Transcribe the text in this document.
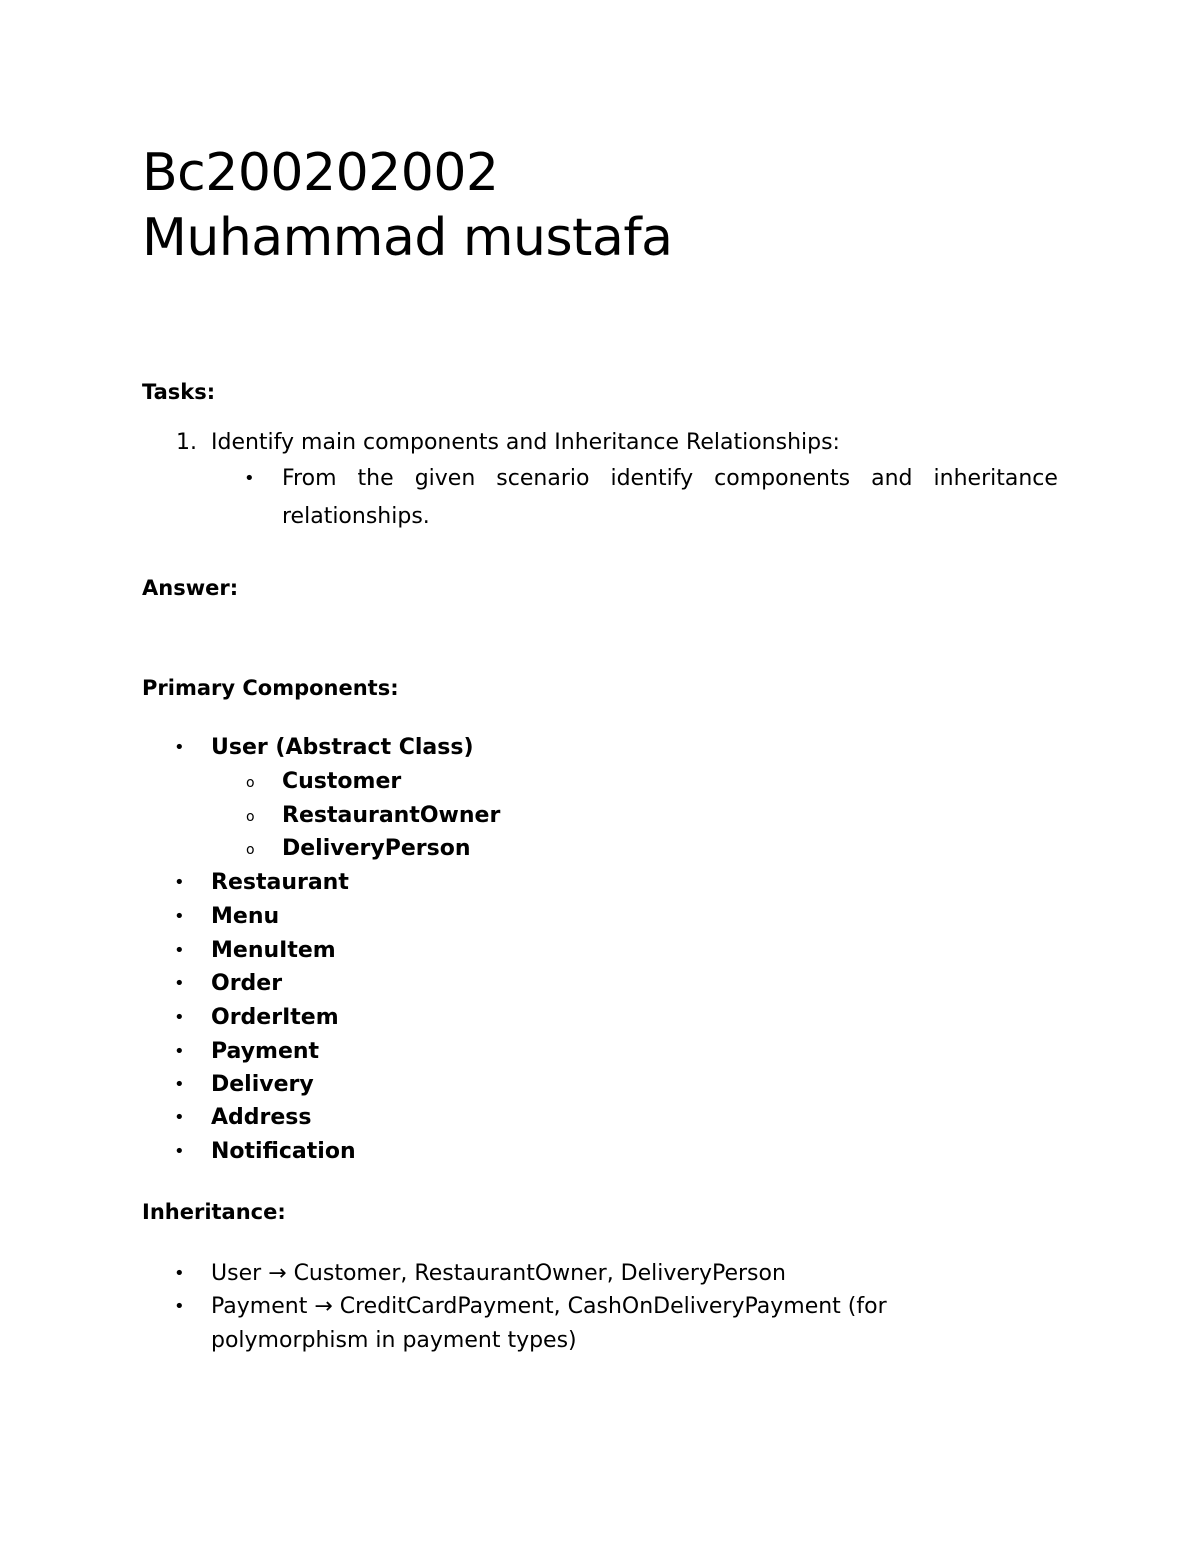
Bc200202002
Muhammad mustafa
Tasks:
1. Identify main components and Inheritance Relationships:
• From the given scenario identify components and inheritance
relationships.
Answer:
Primary Components:
• User (Abstract Class)
o Customer
o RestaurantOwner
o DeliveryPerson
• Restaurant
• Menu
• MenuItem
• Order
• OrderItem
• Payment
• Delivery
• Address
• Notification
Inheritance:
• User → Customer, RestaurantOwner, DeliveryPerson
• Payment → CreditCardPayment, CashOnDeliveryPayment (for
polymorphism in payment types)
